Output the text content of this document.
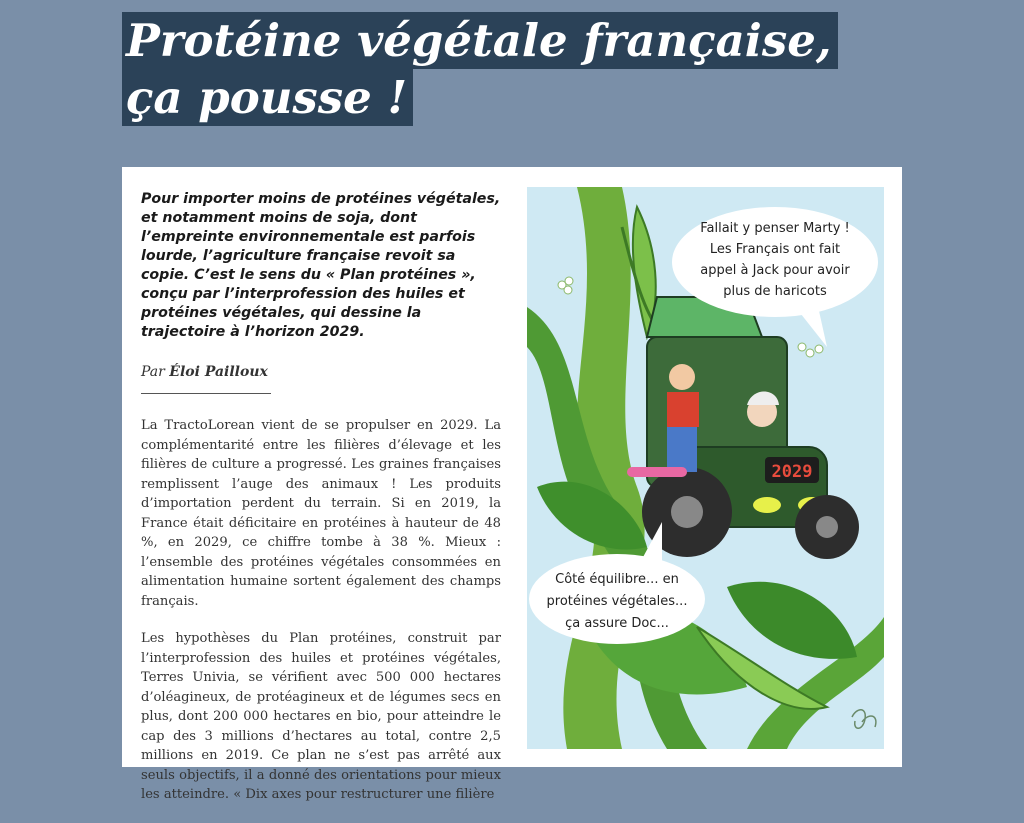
Protéine végétale française,
ça pousse !

Pour importer moins de protéines végétales, et notamment moins de soja, dont l’empreinte environnementale est parfois lourde, l’agriculture française revoit sa copie. C’est le sens du « Plan protéines », conçu par l’interprofession des huiles et protéines végétales, qui dessine la trajectoire à l’horizon 2029.

Par Éloi Pailloux

La TractoLorean vient de se propulser en 2029. La complémentarité entre les filières d’élevage et les filières de culture a progressé. Les graines françaises remplissent l’auge des animaux ! Les produits d’importation perdent du terrain. Si en 2019, la France était déficitaire en protéines à hauteur de 48 %, en 2029, ce chiffre tombe à 38 %. Mieux : l’ensemble des protéines végétales consommées en alimentation humaine sortent également des champs français.

Les hypothèses du Plan protéines, construit par l’interprofession des huiles et protéines végétales, Terres Univia, se vérifient avec 500 000 hectares d’oléagineux, de protéagineux et de légumes secs en plus, dont 200 000 hectares en bio, pour atteindre le cap des 3 millions d’hectares au total, contre 2,5 millions en 2019. Ce plan ne s’est pas arrêté aux seuls objectifs, il a donné des orientations pour mieux les atteindre. « Dix axes pour restructurer une filière

2029
Fallait y penser Marty !
Les Français ont fait
appel à Jack pour avoir
plus de haricots
Côté équilibre... en
protéines végétales...
ça assure Doc...
